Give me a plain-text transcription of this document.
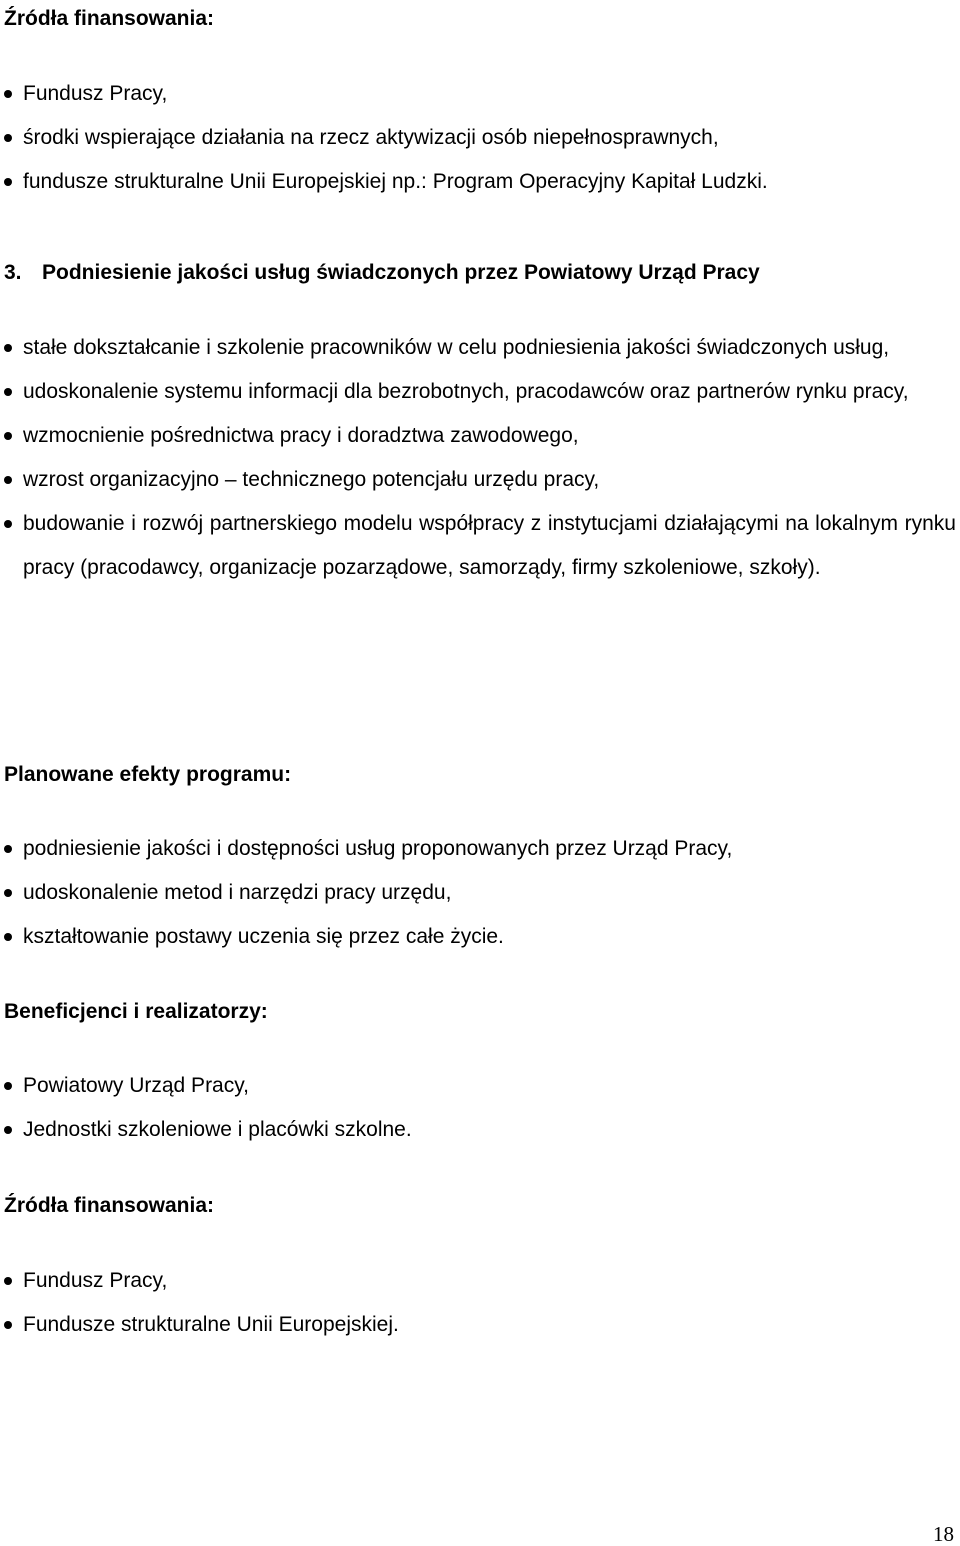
Źródła finansowania:
Fundusz Pracy,
środki wspierające działania na rzecz aktywizacji osób niepełnosprawnych,
fundusze strukturalne Unii Europejskiej np.: Program Operacyjny Kapitał Ludzki.
3. Podniesienie jakości usług świadczonych przez Powiatowy Urząd Pracy
stałe dokształcanie i szkolenie pracowników w celu podniesienia jakości świadczonych usług,
udoskonalenie systemu informacji dla bezrobotnych, pracodawców oraz partnerów rynku pracy,
wzmocnienie pośrednictwa pracy i doradztwa zawodowego,
wzrost organizacyjno – technicznego potencjału urzędu pracy,
budowanie i rozwój partnerskiego modelu współpracy z instytucjami działającymi na lokalnym rynku pracy (pracodawcy, organizacje pozarządowe, samorządy, firmy szkoleniowe, szkoły).
Planowane efekty programu:
podniesienie jakości i dostępności usług proponowanych przez Urząd Pracy,
udoskonalenie metod i narzędzi pracy urzędu,
kształtowanie postawy uczenia się przez całe życie.
Beneficjenci i realizatorzy:
Powiatowy Urząd Pracy,
Jednostki szkoleniowe i placówki szkolne.
Źródła finansowania:
Fundusz Pracy,
Fundusze strukturalne Unii Europejskiej.
18
